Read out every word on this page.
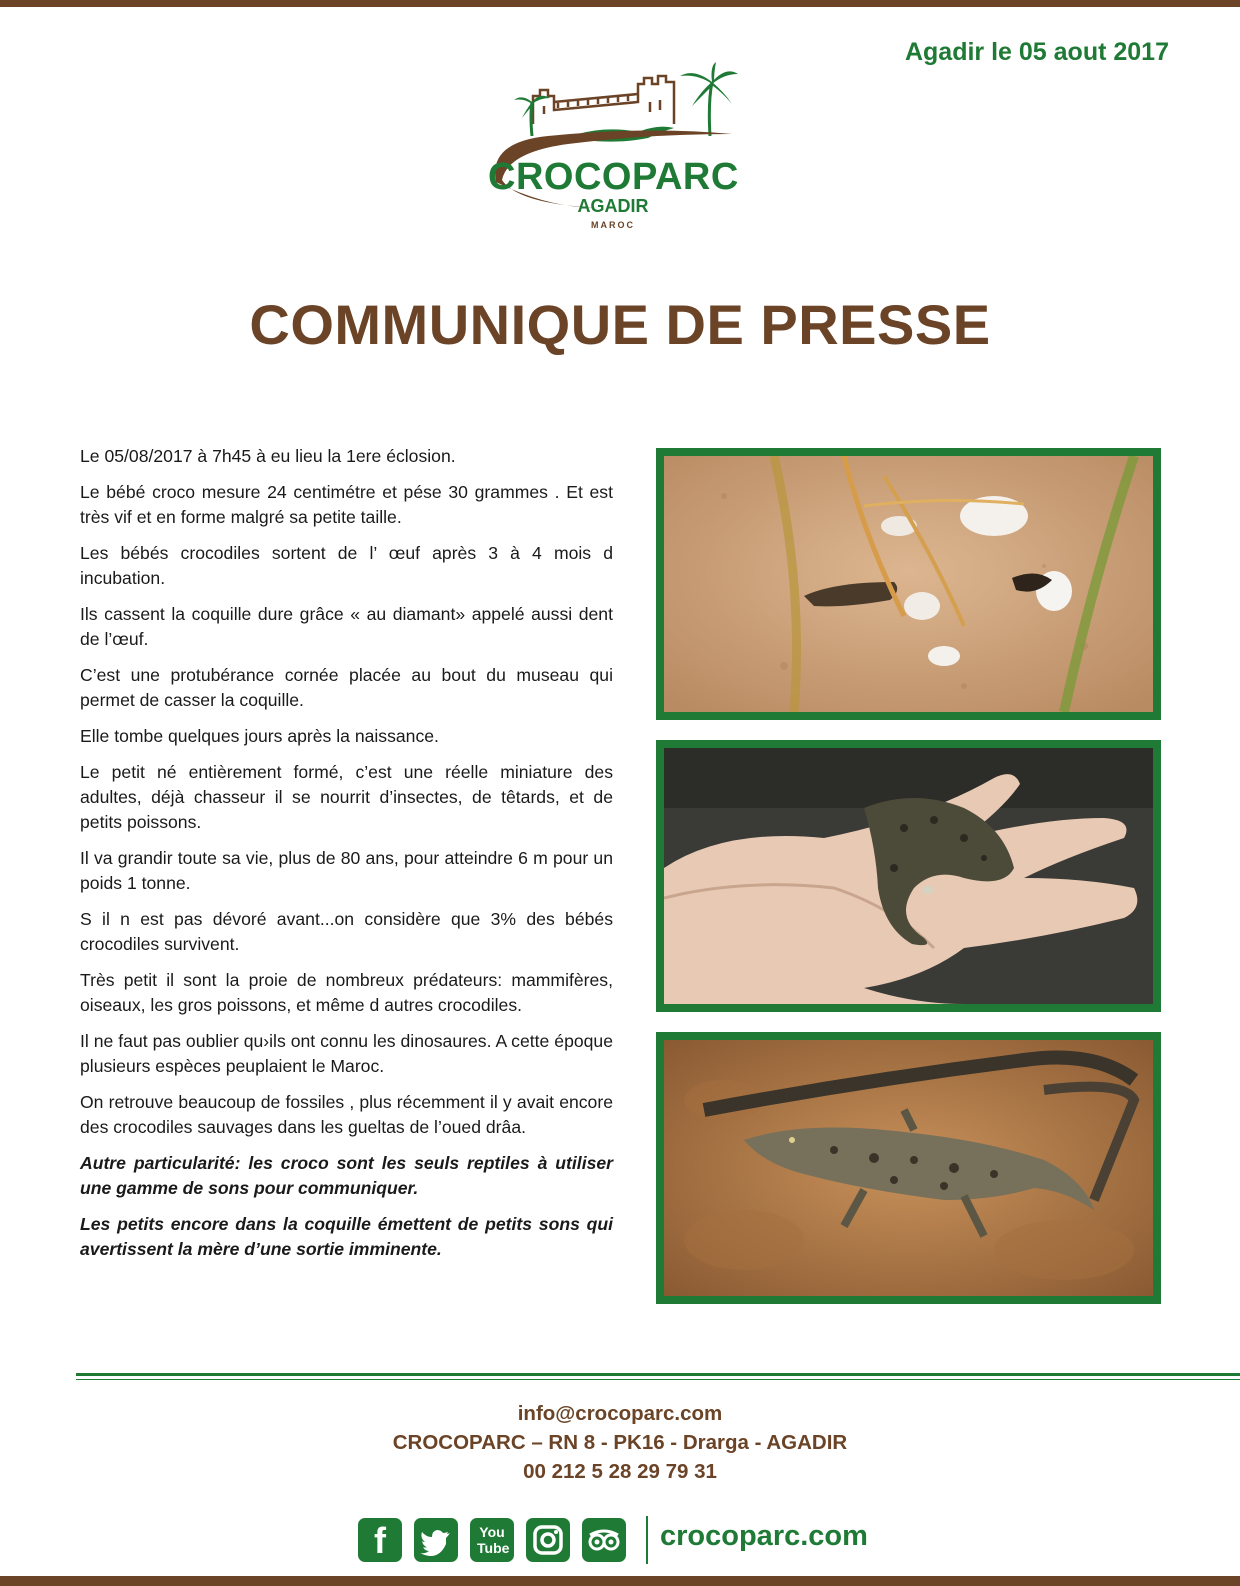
Agadir le 05 aout 2017
CROCOPARC
AGADIR
MAROC
COMMUNIQUE DE PRESSE

Le 05/08/2017 à 7h45 à eu lieu la 1ere éclosion.

Le bébé croco mesure 24 centimétre et pése 30 grammes . Et est très vif et en forme malgré sa petite taille.

Les bébés crocodiles sortent de l’ œuf après 3 à 4 mois d incubation.

Ils cassent la coquille dure grâce « au diamant» appelé aussi dent de l’œuf.

C’est une protubérance cornée placée au bout du museau qui permet de casser la coquille.

Elle tombe quelques jours après la naissance.

Le petit né entièrement formé, c’est une réelle miniature des adultes, déjà chasseur il se nourrit d’insectes, de têtards, et de petits poissons.

Il va grandir toute sa vie, plus de 80 ans, pour atteindre 6 m pour un poids 1 tonne.

S il n est pas dévoré avant...on considère que 3% des bébés crocodiles survivent.

Très petit il sont la proie de nombreux prédateurs: mammifères, oiseaux, les gros poissons, et même d autres crocodiles.

Il ne faut pas oublier qu›ils ont connu les dinosaures. A cette époque plusieurs espèces peuplaient le Maroc.

On retrouve beaucoup de fossiles , plus récemment il y avait encore des crocodiles sauvages dans les gueltas de l’oued drâa.

Autre particularité: les croco sont les seuls reptiles à utiliser une gamme de sons pour communiquer.

Les petits encore dans la coquille émettent de petits sons qui avertissent la mère d’une sortie imminente.

info@crocoparc.com
CROCOPARC – RN 8 - PK16 - Drarga - AGADIR
00 212 5 28 29 79 31
f	You Tube	crocoparc.com
